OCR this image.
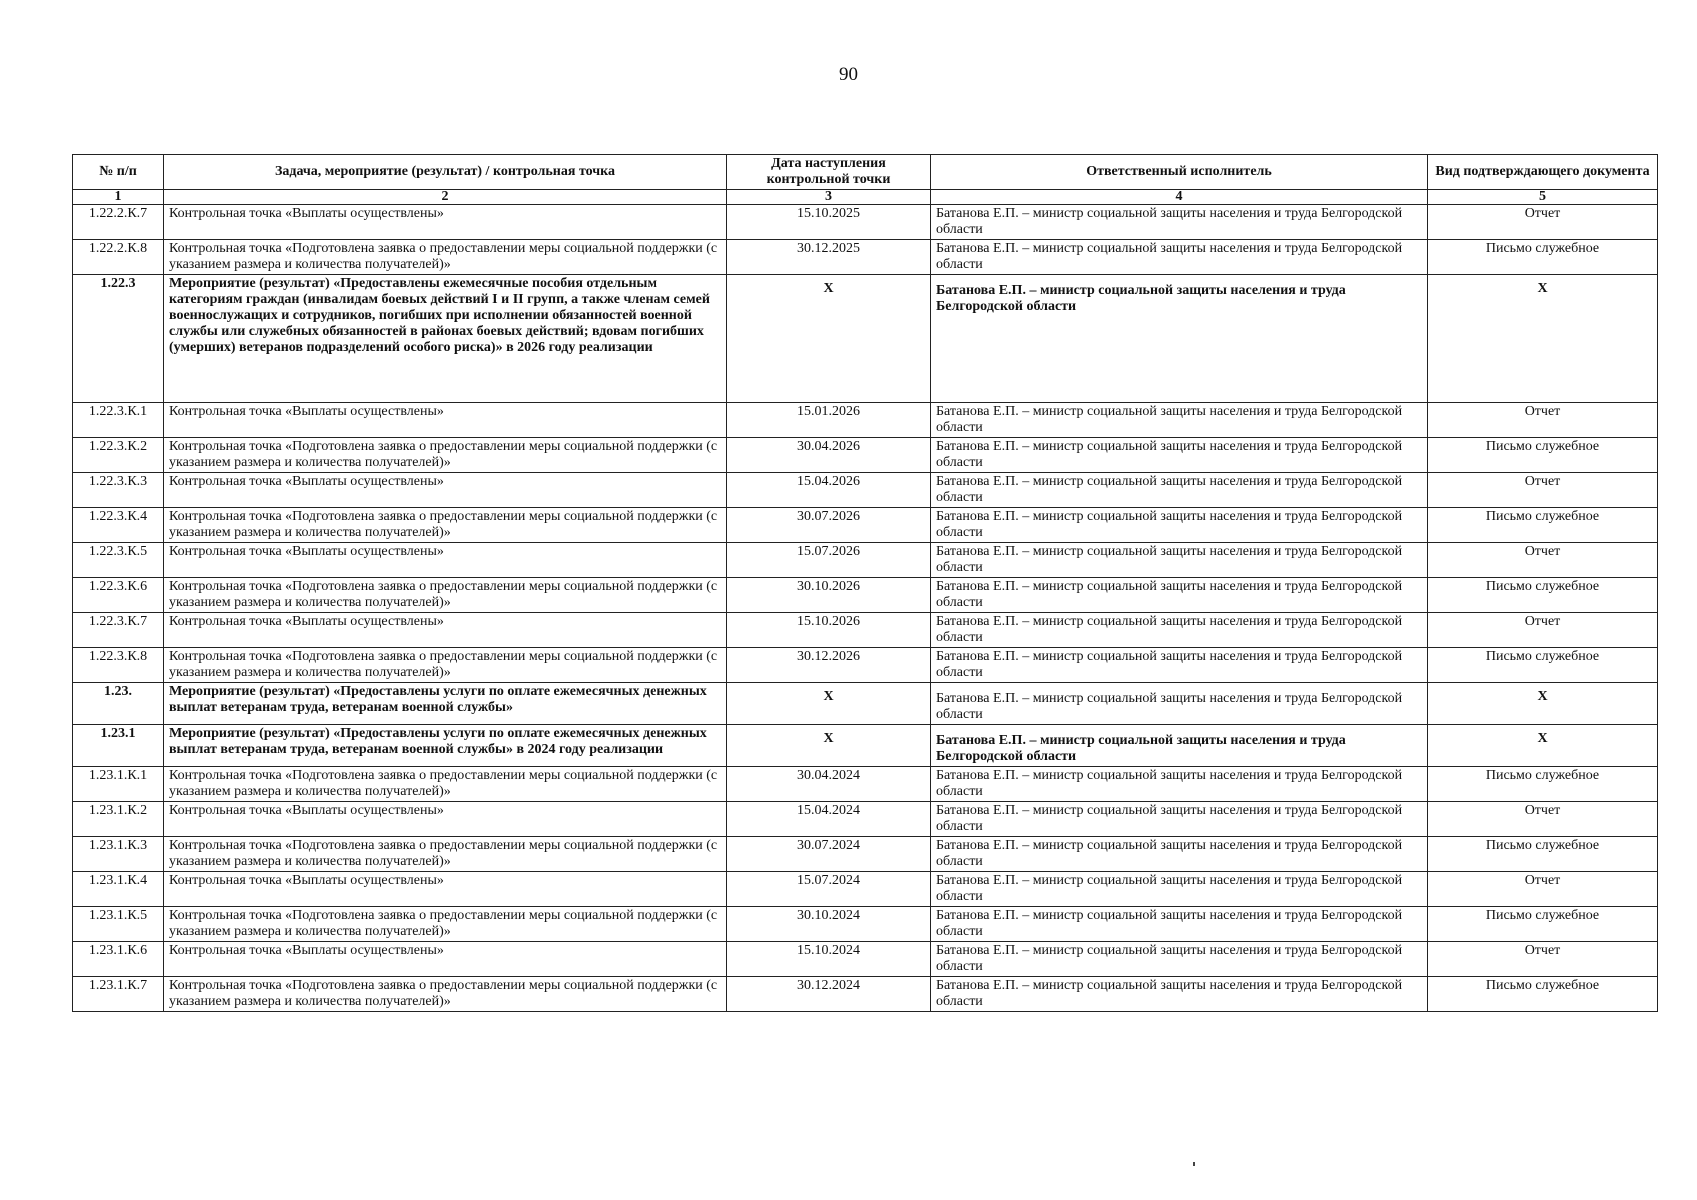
90
№ п/п	Задача, мероприятие (результат) / контрольная точка	Дата наступления контрольной точки	Ответственный исполнитель	Вид подтверждающего документа
1	2	3	4	5
1.22.2.К.7	Контрольная точка «Выплаты осуществлены»	15.10.2025	Батанова Е.П. – министр социальной защиты населения и труда Белгородской области	Отчет
1.22.2.К.8	Контрольная точка «Подготовлена заявка о предоставлении меры социальной поддержки (с указанием размера и количества получателей)»	30.12.2025	Батанова Е.П. – министр социальной защиты населения и труда Белгородской области	Письмо служебное
1.22.3	Мероприятие (результат) «Предоставлены ежемесячные пособия отдельным категориям граждан (инвалидам боевых действий I и II групп, а также членам семей военнослужащих и сотрудников, погибших при исполнении обязанностей военной службы или служебных обязанностей в районах боевых действий; вдовам погибших (умерших) ветеранов подразделений особого риска)» в 2026 году реализации	Х	Батанова Е.П. – министр социальной защиты населения и труда Белгородской области	Х
1.22.3.К.1	Контрольная точка «Выплаты осуществлены»	15.01.2026	Батанова Е.П. – министр социальной защиты населения и труда Белгородской области	Отчет
1.22.3.К.2	Контрольная точка «Подготовлена заявка о предоставлении меры социальной поддержки (с указанием размера и количества получателей)»	30.04.2026	Батанова Е.П. – министр социальной защиты населения и труда Белгородской области	Письмо служебное
1.22.3.К.3	Контрольная точка «Выплаты осуществлены»	15.04.2026	Батанова Е.П. – министр социальной защиты населения и труда Белгородской области	Отчет
1.22.3.К.4	Контрольная точка «Подготовлена заявка о предоставлении меры социальной поддержки (с указанием размера и количества получателей)»	30.07.2026	Батанова Е.П. – министр социальной защиты населения и труда Белгородской области	Письмо служебное
1.22.3.К.5	Контрольная точка «Выплаты осуществлены»	15.07.2026	Батанова Е.П. – министр социальной защиты населения и труда Белгородской области	Отчет
1.22.3.К.6	Контрольная точка «Подготовлена заявка о предоставлении меры социальной поддержки (с указанием размера и количества получателей)»	30.10.2026	Батанова Е.П. – министр социальной защиты населения и труда Белгородской области	Письмо служебное
1.22.3.К.7	Контрольная точка «Выплаты осуществлены»	15.10.2026	Батанова Е.П. – министр социальной защиты населения и труда Белгородской области	Отчет
1.22.3.К.8	Контрольная точка «Подготовлена заявка о предоставлении меры социальной поддержки (с указанием размера и количества получателей)»	30.12.2026	Батанова Е.П. – министр социальной защиты населения и труда Белгородской области	Письмо служебное
1.23.	Мероприятие (результат) «Предоставлены услуги по оплате ежемесячных денежных выплат ветеранам труда, ветеранам военной службы»	Х	Батанова Е.П. – министр социальной защиты населения и труда Белгородской области	Х
1.23.1	Мероприятие (результат) «Предоставлены услуги по оплате ежемесячных денежных выплат ветеранам труда, ветеранам военной службы» в 2024 году реализации	Х	Батанова Е.П. – министр социальной защиты населения и труда Белгородской области	Х
1.23.1.К.1	Контрольная точка «Подготовлена заявка о предоставлении меры социальной поддержки (с указанием размера и количества получателей)»	30.04.2024	Батанова Е.П. – министр социальной защиты населения и труда Белгородской области	Письмо служебное
1.23.1.К.2	Контрольная точка «Выплаты осуществлены»	15.04.2024	Батанова Е.П. – министр социальной защиты населения и труда Белгородской области	Отчет
1.23.1.К.3	Контрольная точка «Подготовлена заявка о предоставлении меры социальной поддержки (с указанием размера и количества получателей)»	30.07.2024	Батанова Е.П. – министр социальной защиты населения и труда Белгородской области	Письмо служебное
1.23.1.К.4	Контрольная точка «Выплаты осуществлены»	15.07.2024	Батанова Е.П. – министр социальной защиты населения и труда Белгородской области	Отчет
1.23.1.К.5	Контрольная точка «Подготовлена заявка о предоставлении меры социальной поддержки (с указанием размера и количества получателей)»	30.10.2024	Батанова Е.П. – министр социальной защиты населения и труда Белгородской области	Письмо служебное
1.23.1.К.6	Контрольная точка «Выплаты осуществлены»	15.10.2024	Батанова Е.П. – министр социальной защиты населения и труда Белгородской области	Отчет
1.23.1.К.7	Контрольная точка «Подготовлена заявка о предоставлении меры социальной поддержки (с указанием размера и количества получателей)»	30.12.2024	Батанова Е.П. – министр социальной защиты населения и труда Белгородской области	Письмо служебное
